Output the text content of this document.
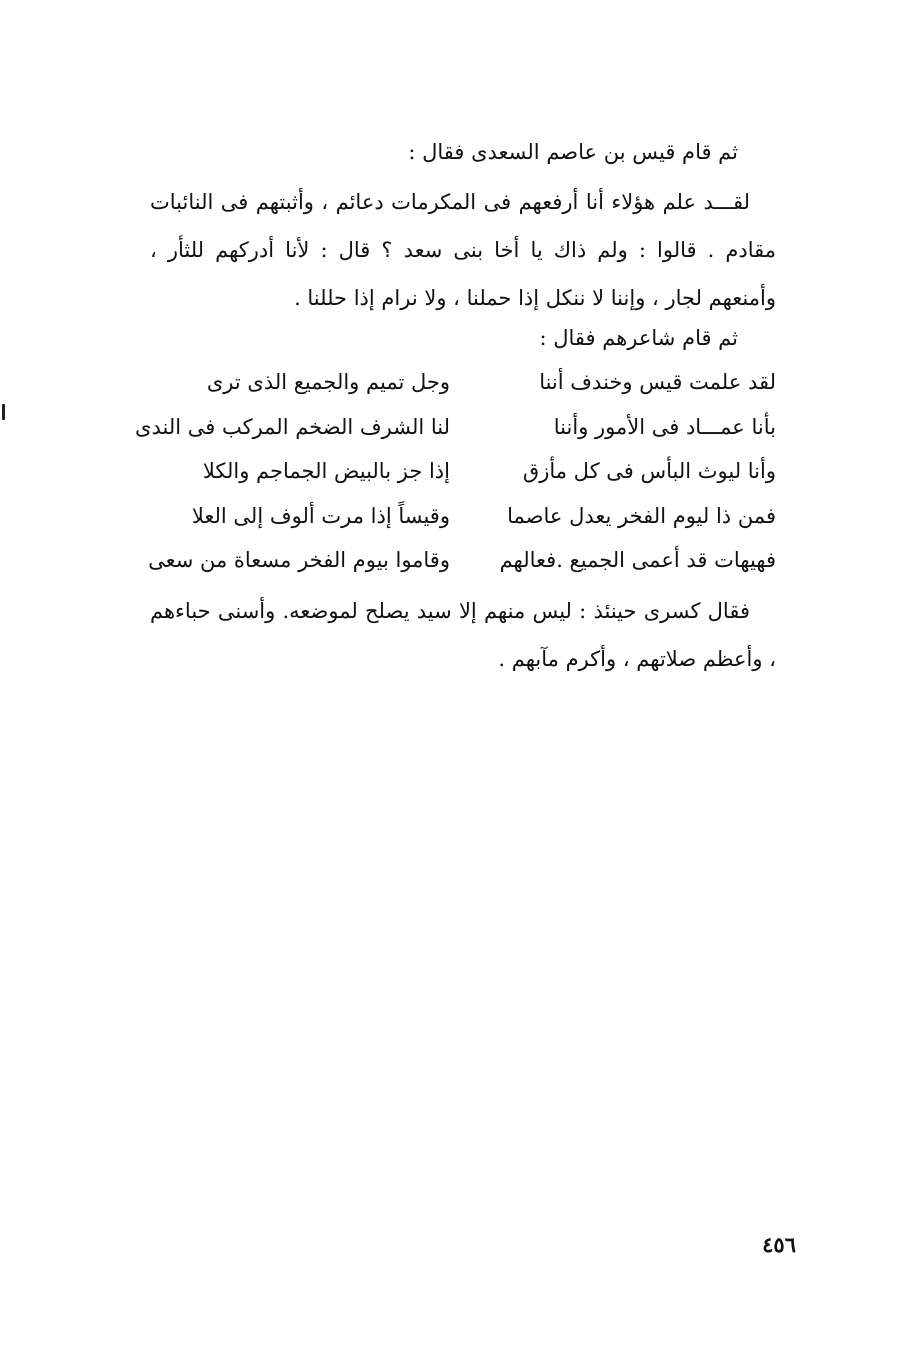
ثم قام قيس بن عاصم السعدى فقال :
لقـــد علم هؤلاء أنا أرفعهم فى المكرمات دعائم ، وأثبتهم فى النائبات مقادم . قالوا : ولم ذاك يا أخا بنى سعد ؟ قال : لأنا أدركهم للثأر ، وأمنعهم لجار ، وإننا لا ننكل إذا حملنا ، ولا نرام إذا حللنا .
ثم قام شاعرهم فقال :
لقد علمت قيس وخندف أننا
وجل تميم والجميع الذى ترى
بأنا عمـــاد فى الأمور وأننا
لنا الشرف الضخم المركب فى الندى
وأنا ليوث البأس فى كل مأزق
إذا جز بالبيض الجماجم والكلا
فمن ذا ليوم الفخر يعدل عاصما
وقيساً إذا مرت ألوف إلى العلا
فهيهات قد أعمى الجميع .فعالهم
وقاموا بيوم الفخر مسعاة من سعى
فقال كسرى حينئذ : ليس منهم إلا سيد يصلح لموضعه. وأسنى حباءهم ، وأعظم صلاتهم ، وأكرم مآبهم .
٤٥٦
